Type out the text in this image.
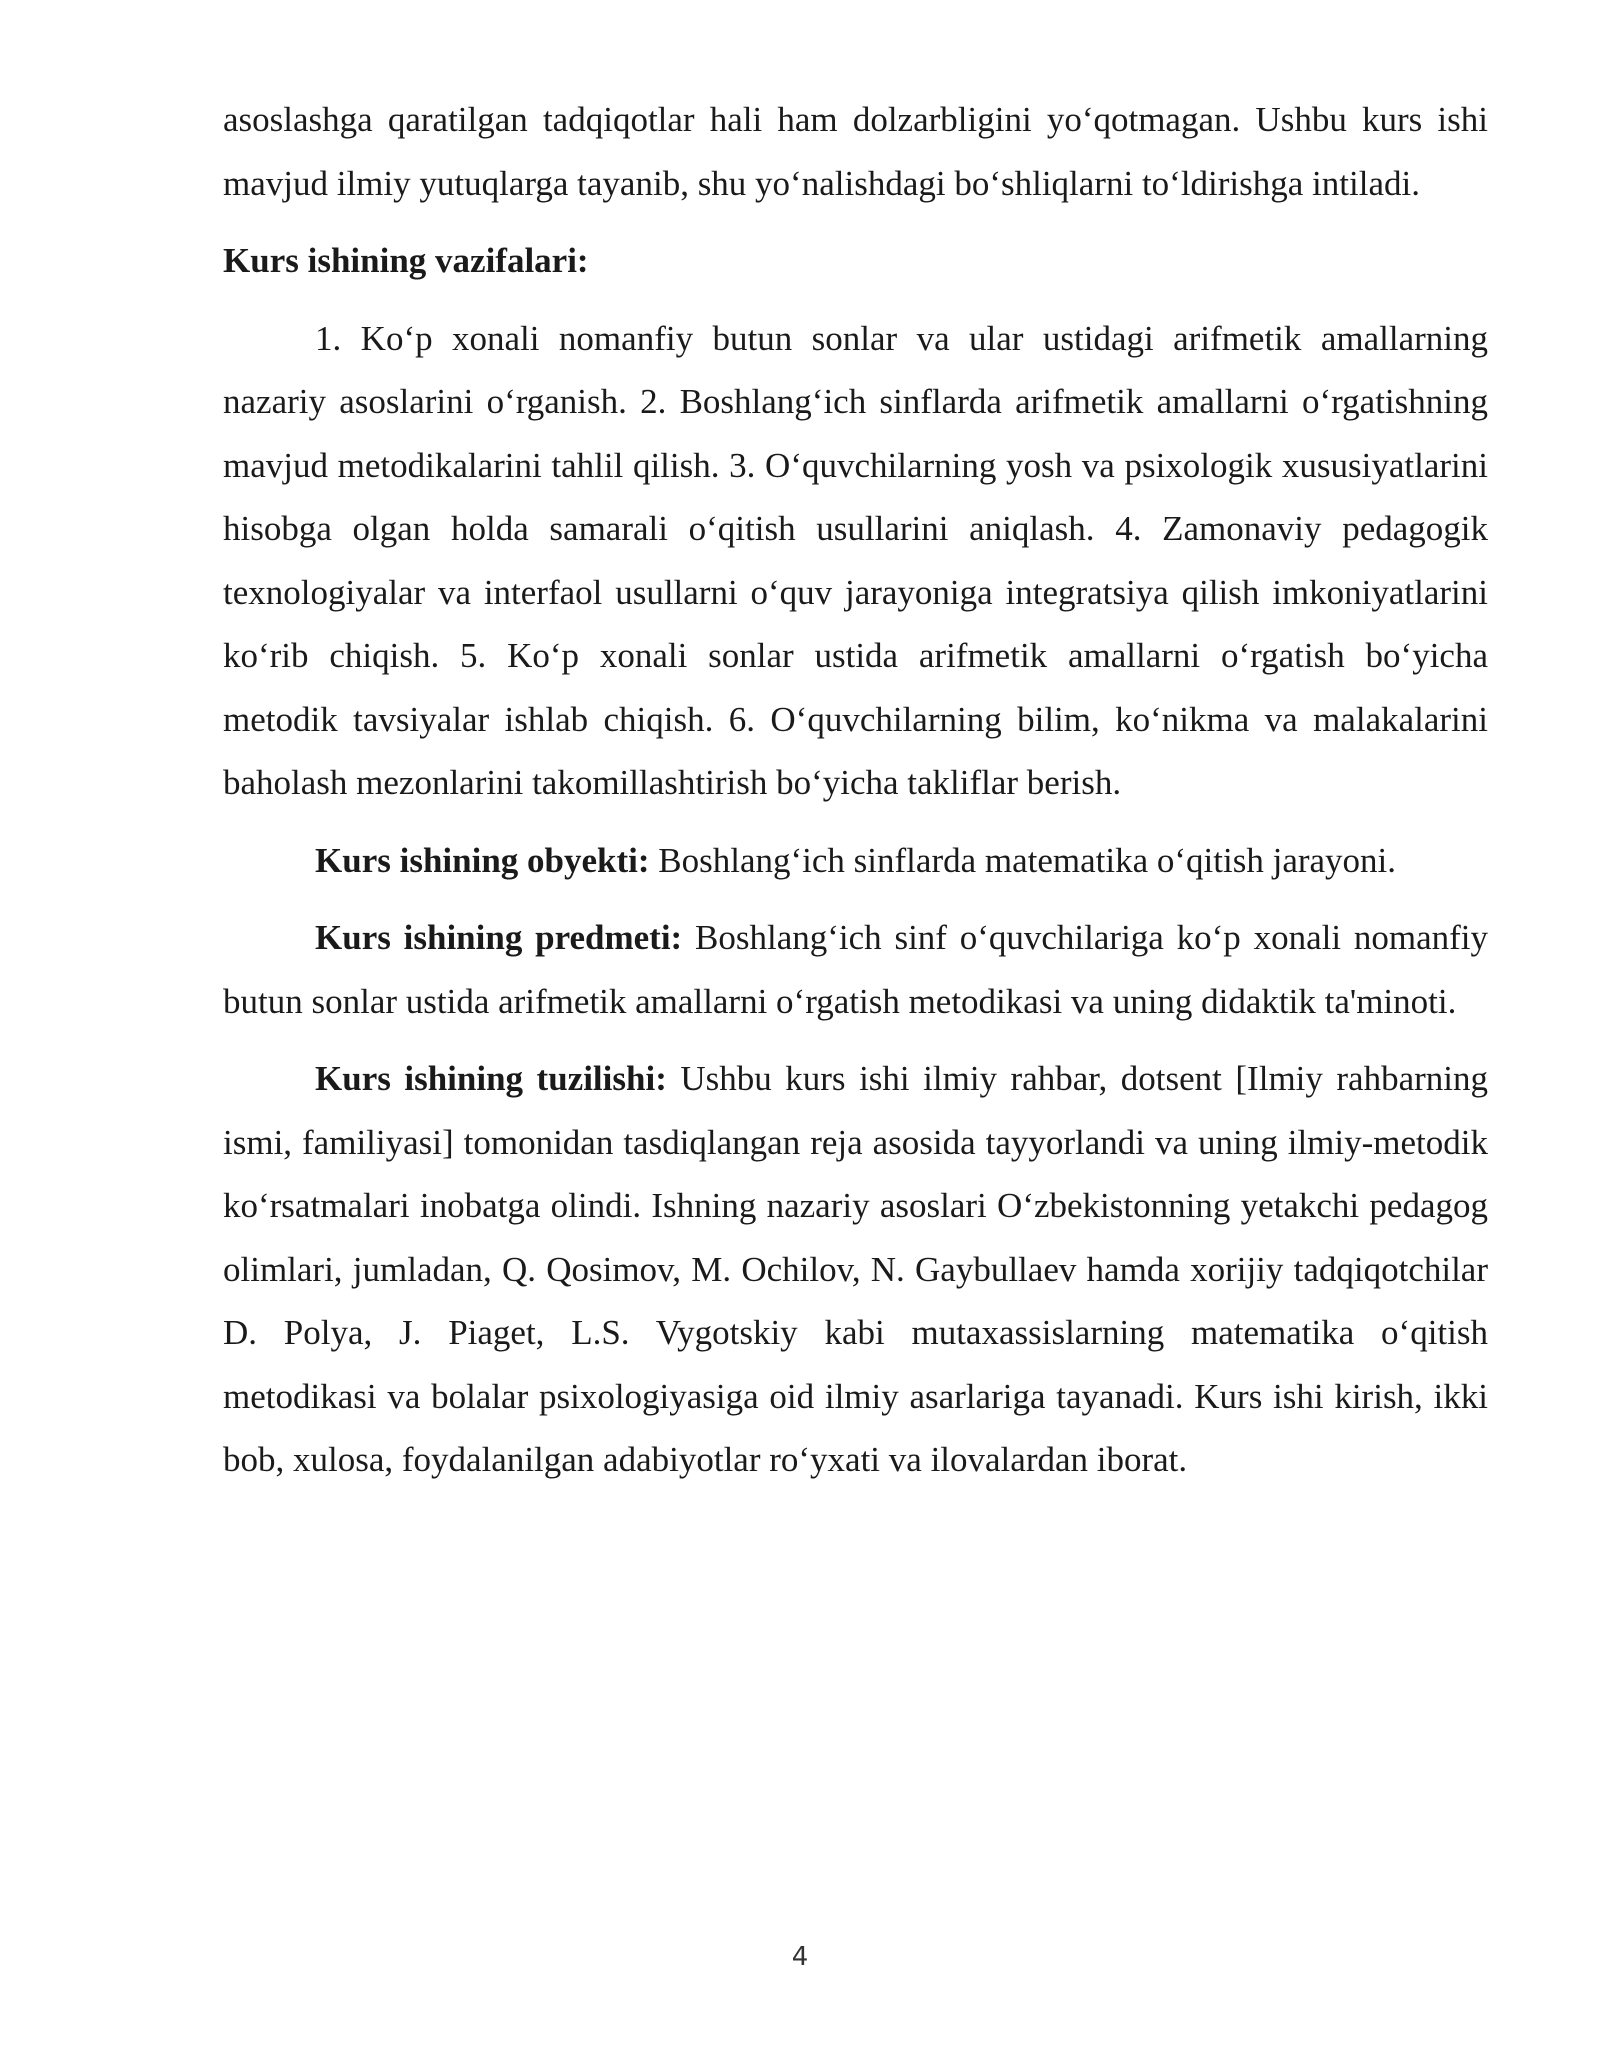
asoslashga qaratilgan tadqiqotlar hali ham dolzarbligini yo‘qotmagan. Ushbu kurs ishi mavjud ilmiy yutuqlarga tayanib, shu yo‘nalishdagi bo‘shliqlarni to‘ldirishga intiladi.

Kurs ishining vazifalari:

1. Ko‘p xonali nomanfiy butun sonlar va ular ustidagi arifmetik amallarning nazariy asoslarini o‘rganish. 2. Boshlang‘ich sinflarda arifmetik amallarni o‘rgatishning mavjud metodikalarini tahlil qilish. 3. O‘quvchilarning yosh va psixologik xususiyatlarini hisobga olgan holda samarali o‘qitish usullarini aniqlash. 4. Zamonaviy pedagogik texnologiyalar va interfaol usullarni o‘quv jarayoniga integratsiya qilish imkoniyatlarini ko‘rib chiqish. 5. Ko‘p xonali sonlar ustida arifmetik amallarni o‘rgatish bo‘yicha metodik tavsiyalar ishlab chiqish. 6. O‘quvchilarning bilim, ko‘nikma va malakalarini baholash mezonlarini takomillashtirish bo‘yicha takliflar berish.

Kurs ishining obyekti: Boshlang‘ich sinflarda matematika o‘qitish jarayoni.

Kurs ishining predmeti: Boshlang‘ich sinf o‘quvchilariga ko‘p xonali nomanfiy butun sonlar ustida arifmetik amallarni o‘rgatish metodikasi va uning didaktik ta'minoti.

Kurs ishining tuzilishi: Ushbu kurs ishi ilmiy rahbar, dotsent [Ilmiy rahbarning ismi, familiyasi] tomonidan tasdiqlangan reja asosida tayyorlandi va uning ilmiy-metodik ko‘rsatmalari inobatga olindi. Ishning nazariy asoslari O‘zbekistonning yetakchi pedagog olimlari, jumladan, Q. Qosimov, M. Ochilov, N. Gaybullaev hamda xorijiy tadqiqotchilar D. Polya, J. Piaget, L.S. Vygotskiy kabi mutaxassislarning matematika o‘qitish metodikasi va bolalar psixologiyasiga oid ilmiy asarlariga tayanadi. Kurs ishi kirish, ikki bob, xulosa, foydalanilgan adabiyotlar ro‘yxati va ilovalardan iborat.

4
